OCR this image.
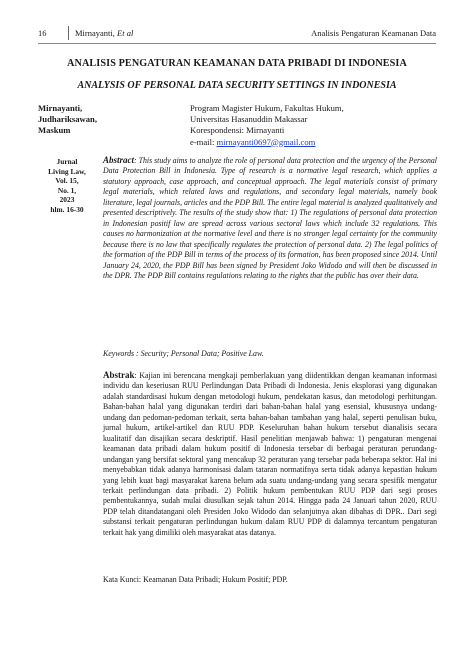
16	Mirnayanti, Et al	Analisis Pengaturan Keamanan Data
ANALISIS PENGATURAN KEAMANAN DATA PRIBADI DI INDONESIA
ANALYSIS OF PERSONAL DATA SECURITY SETTINGS IN INDONESIA
Mirnayanti,
Judhariksawan,
Maskum
Program Magister Hukum, Fakultas Hukum,
Universitas Hasanuddin Makassar
Korespondensi: Mirnayanti
e-mail: mirnayanti0697@gmail.com
Jurnal
Living Law,
Vol. 15,
No. 1,
2023
hlm. 16-30
Abstract: This study aims to analyze the role of personal data protection and the urgency of the Personal Data Protection Bill in Indonesia. Type of research is a normative legal research, which applies a statutory approach, case approach, and conceptual approach. The legal materials consist of primary legal materials, which related laws and regulations, and secondary legal materials, namely book literature, legal journals, articles and the PDP Bill. The entire legal material is analyzed qualitatively and presented descriptively. The results of the study show that: 1) The regulations of personal data protection in Indonesian positif law are spread across various sectoral laws which include 32 regulations. This causes no harmonization at the normative level and there is no stronger legal certainty for the community because there is no law that specifically regulates the protection of personal data. 2) The legal politics of the formation of the PDP Bill in terms of the process of its formation, has been proposed since 2014. Until January 24, 2020, the PDP Bill has been signed by President Joko Widodo and will then be discussed in the DPR. The PDP Bill contains regulations relating to the rights that the public has over their data.
Keywords : Security; Personal Data; Positive Law.
Abstrak: Kajian ini berencana mengkaji pemberlakuan yang diidentikkan dengan keamanan informasi individu dan keseriusan RUU Perlindungan Data Pribadi di Indonesia. Jenis eksplorasi yang digunakan adalah standardisasi hukum dengan metodologi hukum, pendekatan kasus, dan metodologi perhitungan. Bahan-bahan halal yang digunakan terdiri dari bahan-bahan halal yang esensial, khususnya undang-undang dan pedoman-pedoman terkait, serta bahan-bahan tambahan yang halal, seperti penulisan buku, jurnal hukum, artikel-artikel dan RUU PDP. Keseluruhan bahan hukum tersebut dianalisis secara kualitatif dan disajikan secara deskriptif. Hasil penelitian menjawab bahwa: 1) pengaturan mengenai keamanan data pribadi dalam hukum positif di Indonesia tersebar di berbagai peraturan perundang-undangan yang bersifat sektoral yang mencakup 32 peraturan yang tersebar pada beberapa sektor. Hal ini menyebabkan tidak adanya harmonisasi dalam tataran normatifnya serta tidak adanya kepastian hukum yang lebih kuat bagi masyarakat karena belum ada suatu undang-undang yang secara spesifik mengatur terkait perlindungan data pribadi. 2) Politik hukum pembentukan RUU PDP dari segi proses pembentukannya, sudah mulai diusulkan sejak tahun 2014. Hingga pada 24 Januari tahun 2020, RUU PDP telah ditandatangani oleh Presiden Joko Widodo dan selanjutnya akan dibahas di DPR.. Dari segi substansi terkait pengaturan perlindungan hukum dalam RUU PDP di dalamnya tercantum pengaturan terkait hak yang dimiliki oleh masyarakat atas datanya.
Kata Kunci: Keamanan Data Pribadi; Hukum Positif; PDP.
